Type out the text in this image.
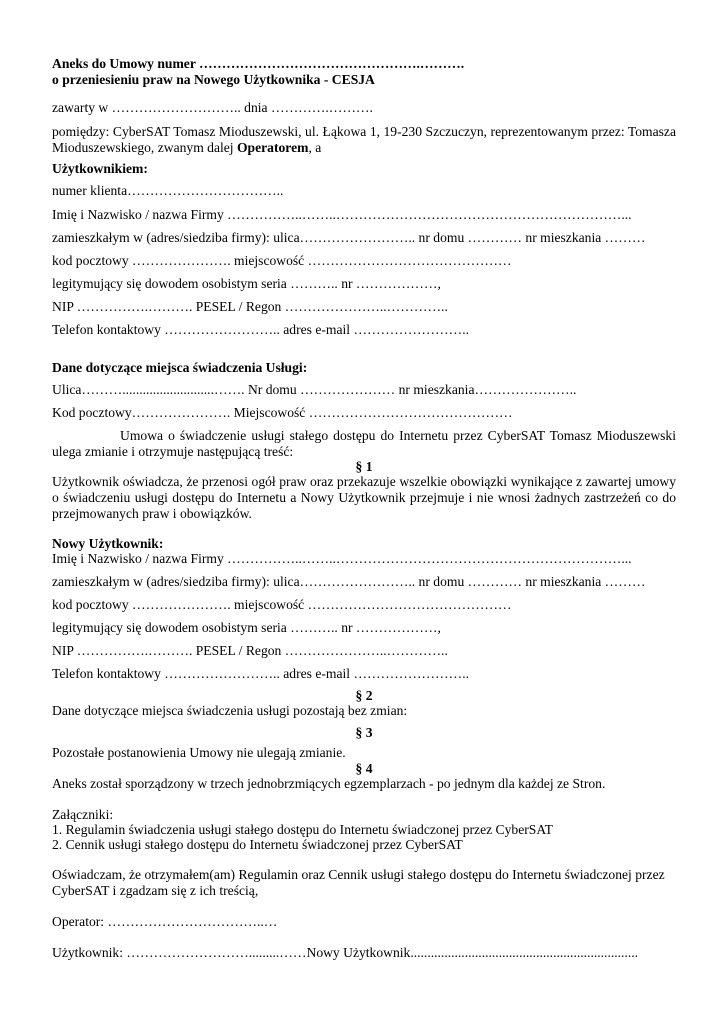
Aneks do Umowy numer ………………………………………….……….
o przeniesieniu praw na Nowego Użytkownika - CESJA
zawarty w ……………………….. dnia ………….……….
pomiędzy: CyberSAT Tomasz Mioduszewski, ul. Łąkowa 1, 19-230 Szczuczyn, reprezentowanym przez: Tomasza
Mioduszewskiego, zwanym dalej Operatorem, a
Użytkownikiem:
numer klienta……………………………..
Imię i Nazwisko / nazwa Firmy ……………..……..………………………………………………………...
zamieszkałym w (adres/siedziba firmy): ulica…………………….. nr domu ………… nr mieszkania ………
kod pocztowy …………………. miejscowość ………………………………………
legitymujący się dowodem osobistym seria ……….. nr ………………,
NIP …………….………. PESEL / Regon …………………..…………..
Telefon kontaktowy …………………….. adres e-mail ……………………..
Dane dotyczące miejsca świadczenia Usługi:
Ulica………...........................……. Nr domu ………………… nr mieszkania…………………..
Kod pocztowy…………………. Miejscowość ………………………………………
Umowa o świadczenie usługi stałego dostępu do Internetu przez CyberSAT Tomasz Mioduszewski
ulega zmianie i otrzymuje następującą treść:
§ 1
Użytkownik oświadcza, że przenosi ogół praw oraz przekazuje wszelkie obowiązki wynikające z zawartej umowy
o świadczeniu usługi dostępu do Internetu a Nowy Użytkownik przejmuje i nie wnosi żadnych zastrzeżeń co do
przejmowanych praw i obowiązków.
Nowy Użytkownik:
Imię i Nazwisko / nazwa Firmy ……………..……..………………………………………………………...
zamieszkałym w (adres/siedziba firmy): ulica…………………….. nr domu ………… nr mieszkania ………
kod pocztowy …………………. miejscowość ………………………………………
legitymujący się dowodem osobistym seria ……….. nr ………………,
NIP …………….………. PESEL / Regon …………………..…………..
Telefon kontaktowy …………………….. adres e-mail ……………………..
§ 2
Dane dotyczące miejsca świadczenia usługi pozostają bez zmian:
§ 3
Pozostałe postanowienia Umowy nie ulegają zmianie.
§ 4
Aneks został sporządzony w trzech jednobrzmiących egzemplarzach - po jednym dla każdej ze Stron.
Załączniki:
1. Regulamin świadczenia usługi stałego dostępu do Internetu świadczonej przez CyberSAT
2. Cennik usługi stałego dostępu do Internetu świadczonej przez CyberSAT
Oświadczam, że otrzymałem(am) Regulamin oraz Cennik usługi stałego dostępu do Internetu świadczonej przez
CyberSAT i zgadzam się z ich treścią,
Operator: ……………………………..…
Użytkownik: ……………………….........……Nowy Użytkownik...................................................................
